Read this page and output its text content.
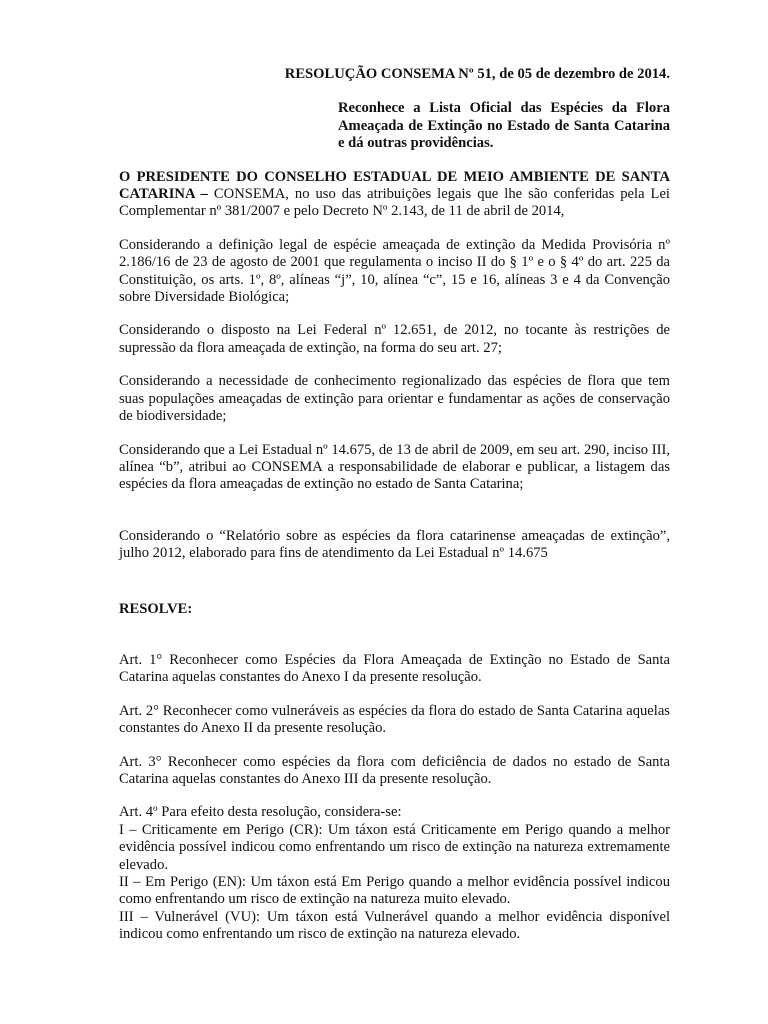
RESOLUÇÃO CONSEMA Nº 51, de 05 de dezembro de 2014.

Reconhece a Lista Oficial das Espécies da Flora Ameaçada de Extinção no Estado de Santa Catarina e dá outras providências.

O PRESIDENTE DO CONSELHO ESTADUAL DE MEIO AMBIENTE DE SANTA CATARINA – CONSEMA, no uso das atribuições legais que lhe são conferidas pela Lei Complementar nº 381/2007 e pelo Decreto Nº 2.143, de 11 de abril de 2014,

Considerando a definição legal de espécie ameaçada de extinção da Medida Provisória nº 2.186/16 de 23 de agosto de 2001 que regulamenta o inciso II do § 1º e o § 4º do art. 225 da Constituição, os arts. 1º, 8º, alíneas “j”, 10, alínea “c”, 15 e 16, alíneas 3 e 4 da Convenção sobre Diversidade Biológica;

Considerando o disposto na Lei Federal nº 12.651, de 2012, no tocante às restrições de supressão da flora ameaçada de extinção, na forma do seu art. 27;

Considerando a necessidade de conhecimento regionalizado das espécies de flora que tem suas populações ameaçadas de extinção para orientar e fundamentar as ações de conservação de biodiversidade;

Considerando que a Lei Estadual nº 14.675, de 13 de abril de 2009, em seu art. 290, inciso III, alínea “b”, atribui ao CONSEMA a responsabilidade de elaborar e publicar, a listagem das espécies da flora ameaçadas de extinção no estado de Santa Catarina;

Considerando o “Relatório sobre as espécies da flora catarinense ameaçadas de extinção”, julho 2012, elaborado para fins de atendimento da Lei Estadual nº 14.675

RESOLVE:

Art. 1° Reconhecer como Espécies da Flora Ameaçada de Extinção no Estado de Santa Catarina aquelas constantes do Anexo I da presente resolução.

Art. 2° Reconhecer como vulneráveis as espécies da flora do estado de Santa Catarina aquelas constantes do Anexo II da presente resolução.

Art. 3° Reconhecer como espécies da flora com deficiência de dados no estado de Santa Catarina aquelas constantes do Anexo III da presente resolução.

Art. 4º Para efeito desta resolução, considera-se:

I – Criticamente em Perigo (CR): Um táxon está Criticamente em Perigo quando a melhor evidência possível indicou como enfrentando um risco de extinção na natureza extremamente elevado.

II – Em Perigo (EN): Um táxon está Em Perigo quando a melhor evidência possível indicou como enfrentando um risco de extinção na natureza muito elevado.

III – Vulnerável (VU): Um táxon está Vulnerável quando a melhor evidência disponível indicou como enfrentando um risco de extinção na natureza elevado.
